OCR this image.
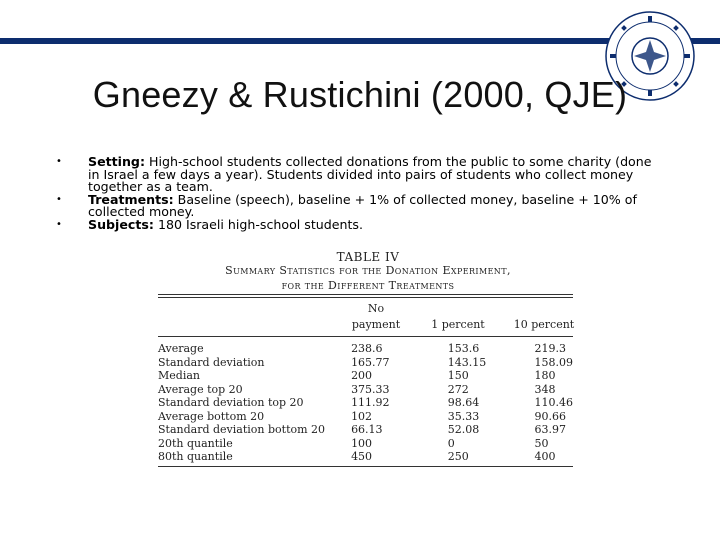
Gneezy & Rustichini (2000, QJE)
• Setting: High-school students collected donations from the public to some charity (done in Israel a few days a year). Students divided into pairs of students who collect money together as a team.
• Treatments: Baseline (speech), baseline + 1% of collected money, baseline + 10% of collected money.
• Subjects: 180 Israeli high-school students.
TABLE IV
Summary Statistics for the Donation Experiment,
for the Different Treatments
No
payment	1 percent	10 percent
Average	238.6	153.6	219.3
Standard deviation	165.77	143.15	158.09
Median	200	150	180
Average top 20	375.33	272	348
Standard deviation top 20	111.92	98.64	110.46
Average bottom 20	102	35.33	90.66
Standard deviation bottom 20	66.13	52.08	63.97
20th quantile	100	0	50
80th quantile	450	250	400
